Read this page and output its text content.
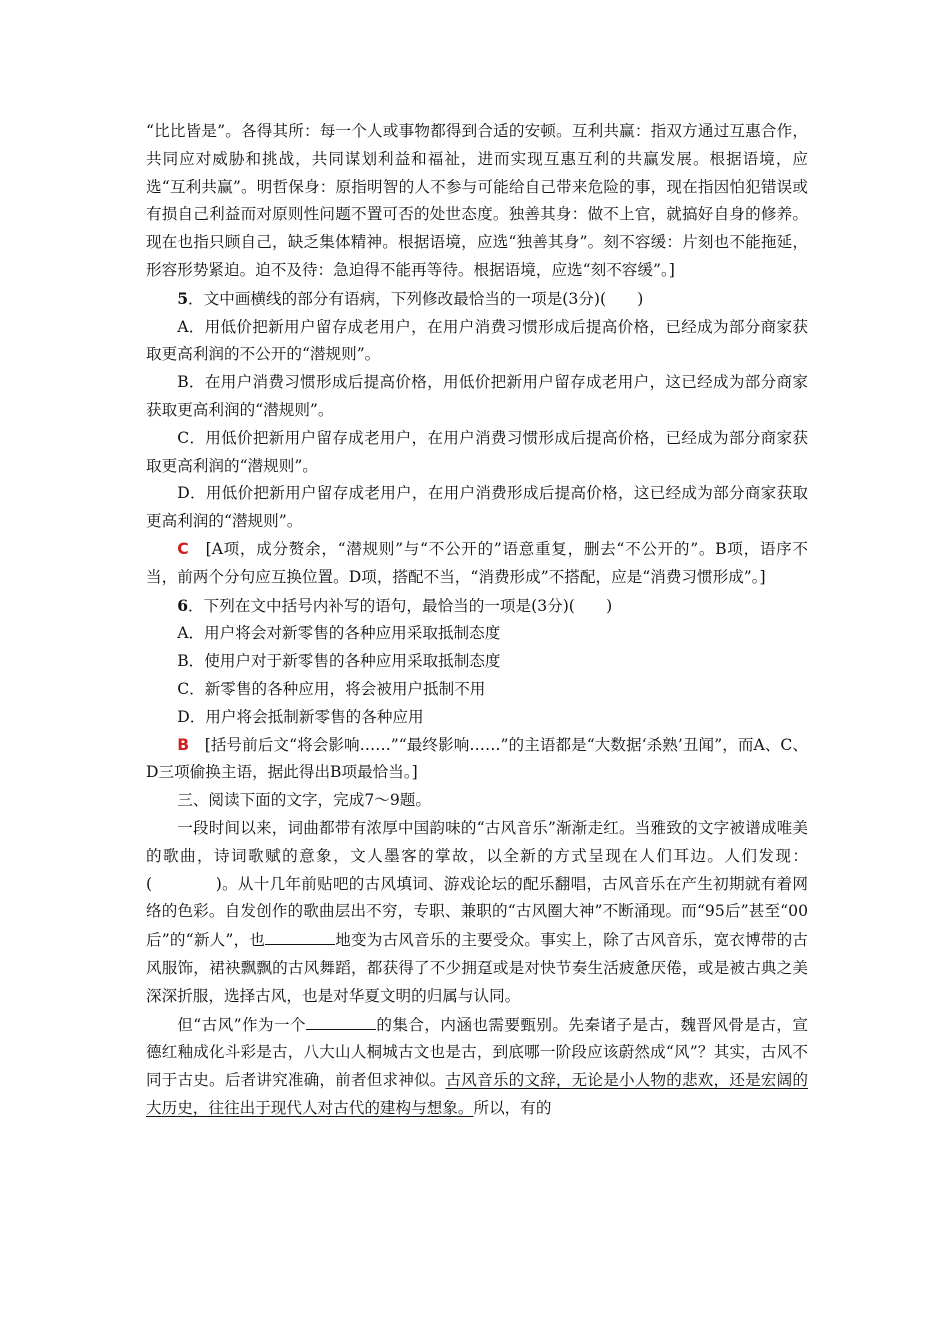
“比比皆是”。各得其所：每一个人或事物都得到合适的安顿。互利共赢：指双方通过互惠合作，共同应对威胁和挑战，共同谋划利益和福祉，进而实现互惠互利的共赢发展。根据语境，应选“互利共赢”。明哲保身：原指明智的人不参与可能给自己带来危险的事，现在指因怕犯错误或有损自己利益而对原则性问题不置可否的处世态度。独善其身：做不上官，就搞好自身的修养。现在也指只顾自己，缺乏集体精神。根据语境，应选“独善其身”。刻不容缓：片刻也不能拖延，形容形势紧迫。迫不及待：急迫得不能再等待。根据语境，应选“刻不容缓”。]

5．文中画横线的部分有语病，下列修改最恰当的一项是(3分)(　　)

A．用低价把新用户留存成老用户，在用户消费习惯形成后提高价格，已经成为部分商家获取更高利润的不公开的“潜规则”。

B．在用户消费习惯形成后提高价格，用低价把新用户留存成老用户，这已经成为部分商家获取更高利润的“潜规则”。

C．用低价把新用户留存成老用户，在用户消费习惯形成后提高价格，已经成为部分商家获取更高利润的“潜规则”。

D．用低价把新用户留存成老用户，在用户消费形成后提高价格，这已经成为部分商家获取更高利润的“潜规则”。

C　[A项，成分赘余，“潜规则”与“不公开的”语意重复，删去“不公开的”。B项，语序不当，前两个分句应互换位置。D项，搭配不当，“消费形成”不搭配，应是“消费习惯形成”。]

6．下列在文中括号内补写的语句，最恰当的一项是(3分)(　　)

A．用户将会对新零售的各种应用采取抵制态度

B．使用户对于新零售的各种应用采取抵制态度

C．新零售的各种应用，将会被用户抵制不用

D．用户将会抵制新零售的各种应用

B　[括号前后文“将会影响……”“最终影响……”的主语都是“大数据‘杀熟’丑闻”，而A、C、D三项偷换主语，据此得出B项最恰当。]

三、阅读下面的文字，完成7～9题。

一段时间以来，词曲都带有浓厚中国韵味的“古风音乐”渐渐走红。当雅致的文字被谱成唯美的歌曲，诗词歌赋的意象，文人墨客的掌故，以全新的方式呈现在人们耳边。人们发现：(　　　　)。从十几年前贴吧的古风填词、游戏论坛的配乐翻唱，古风音乐在产生初期就有着网络的色彩。自发创作的歌曲层出不穷，专职、兼职的“古风圈大神”不断涌现。而“95后”甚至“00后”的“新人”，也	地变为古风音乐的主要受众。事实上，除了古风音乐，宽衣博带的古风服饰，裙袂飘飘的古风舞蹈，都获得了不少拥趸或是对快节奏生活疲惫厌倦，或是被古典之美深深折服，选择古风，也是对华夏文明的归属与认同。

但“古风”作为一个	的集合，内涵也需要甄别。先秦诸子是古，魏晋风骨是古，宣德红釉成化斗彩是古，八大山人桐城古文也是古，到底哪一阶段应该蔚然成“风”？其实，古风不同于古史。后者讲究准确，前者但求神似。古风音乐的文辞，无论是小人物的悲欢，还是宏阔的大历史，往往出于现代人对古代的建构与想象。所以，有的
